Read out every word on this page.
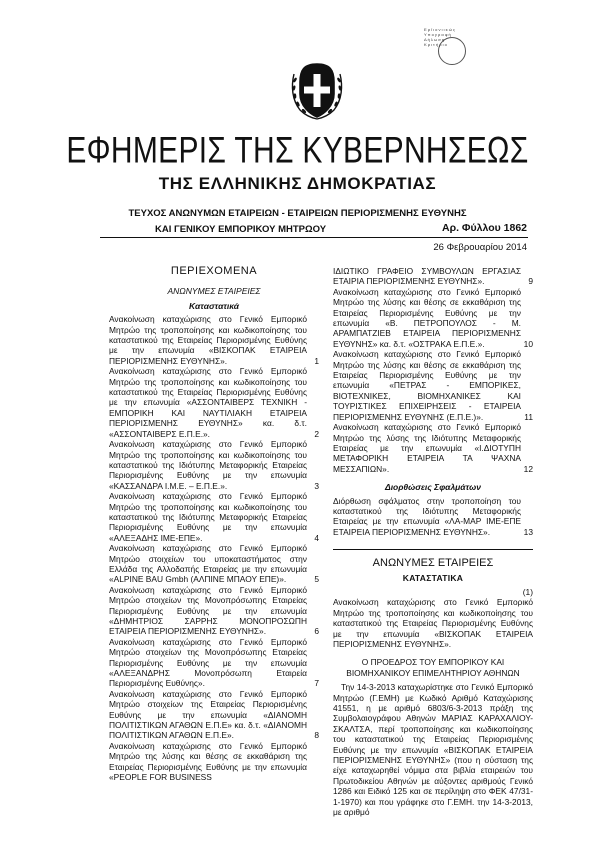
Ε ρ ϊ ι ο ν ι ι κ ώ ς
Υ π ο γ ρ α φ ή
Δ ή λ ω σ η
Κ ρ ι τ ή ρ ι ο
ΕΦΗΜΕΡΙΣ ΤΗΣ ΚΥΒΕΡΝΗΣΕΩΣ
ΤΗΣ ΕΛΛΗΝΙΚΗΣ ΔΗΜΟΚΡΑΤΙΑΣ
ΤΕΥΧΟΣ ΑΝΩΝΥΜΩΝ ΕΤΑΙΡΕΙΩΝ - ΕΤΑΙΡΕΙΩΝ ΠΕΡΙΟΡΙΣΜΕΝΗΣ ΕΥΘΥΝΗΣ
ΚΑΙ ΓΕΝΙΚΟΥ ΕΜΠΟΡΙΚΟΥ ΜΗΤΡΩΟΥ	Αρ. Φύλλου 1862
26 Φεβρουαρίου 2014
ΠΕΡΙΕΧΟΜΕΝΑ
ΑΝΩΝΥΜΕΣ ΕΤΑΙΡΕΙΕΣ
Καταστατικά
Ανακοίνωση καταχώρισης στο Γενικό Εμπορικό Μητρώο της τροποποίησης και κωδικοποίησης του καταστατικού της Εταιρείας Περιορισμένης Ευθύνης με την επωνυμία «ΒΙΣΚΟΠΑΚ ΕΤΑΙΡΕΙΑ ΠΕΡΙΟΡΙΣΜΕΝΗΣ ΕΥΘΥΝΗΣ».	1
Ανακοίνωση καταχώρισης στο Γενικό Εμπορικό Μητρώο της τροποποίησης και κωδικοποίησης του καταστατικού της Εταιρείας Περιορισμένης Ευθύνης με την επωνυμία «ΑΣΣΟΝΤΑΙΒΕΡΣ ΤΕΧΝΙΚΗ - ΕΜΠΟΡΙΚΗ ΚΑΙ ΝΑΥΤΙΛΙΑΚΗ ΕΤΑΙΡΕΙΑ ΠΕΡΙΟΡΙΣΜΕΝΗΣ ΕΥΘΥΝΗΣ» κα. δ.τ. «ΑΣΣΟΝΤΑΙΒΕΡΣ Ε.Π.Ε.».	2
Ανακοίνωση καταχώρισης στο Γενικό Εμπορικό Μητρώο της τροποποίησης και κωδικοποίησης του καταστατικού της Ιδιότυπης Μεταφορικής Εταιρείας Περιορισμένης Ευθύνης με την επωνυμία «ΚΑΣΣΑΝΔΡΑ Ι.Μ.Ε. – Ε.Π.Ε.».	3
Ανακοίνωση καταχώρισης στο Γενικό Εμπορικό Μητρώο της τροποποίησης και κωδικοποίησης του καταστατικού της Ιδιότυπης Μεταφορικής Εταιρείας Περιορισμένης Ευθύνης με την επωνυμία «ΑΛΕΞΑΔΗΣ ΙΜΕ-ΕΠΕ».	4
Ανακοίνωση καταχώρισης στο Γενικό Εμπορικό Μητρώο στοιχείων του υποκαταστήματος στην Ελλάδα της Αλλοδαπής Εταιρείας με την επωνυμία «ALPINE BAU Gmbh (ΑΛΠΙΝΕ ΜΠΑΟΥ ΕΠΕ)».	5
Ανακοίνωση καταχώρισης στο Γενικό Εμπορικό Μητρώο στοιχείων της Μονοπρόσωπης Εταιρείας Περιορισμένης Ευθύνης με την επωνυμία «ΔΗΜΗΤΡΙΟΣ ΣΑΡΡΗΣ ΜΟΝΟΠΡΟΣΩΠΗ ΕΤΑΙΡΕΙΑ ΠΕΡΙΟΡΙΣΜΕΝΗΣ ΕΥΘΥΝΗΣ».	6
Ανακοίνωση καταχώρισης στο Γενικό Εμπορικό Μητρώο στοιχείων της Μονοπρόσωπης Εταιρείας Περιορισμένης Ευθύνης με την επωνυμία «ΑΛΕΞΑΝΔΡΗΣ Μονοπρόσωπη Εταιρεία Περιορισμένης Ευθύνης».	7
Ανακοίνωση καταχώρισης στο Γενικό Εμπορικό Μητρώο στοιχείων της Εταιρείας Περιορισμένης Ευθύνης με την επωνυμία «ΔΙΑΝΟΜΗ ΠΟΛΙΤΙΣΤΙΚΩΝ ΑΓΑΘΩΝ Ε.Π.Ε» κα. δ.τ. «ΔΙΑΝΟΜΗ ΠΟΛΙΤΙΣΤΙΚΩΝ ΑΓΑΘΩΝ Ε.Π.Ε».	8
Ανακοίνωση καταχώρισης στο Γενικό Εμπορικό Μητρώο της λύσης και θέσης σε εκκαθάριση της Εταιρείας Περιορισμένης Ευθύνης με την επωνυμία «PEOPLE FOR BUSINESS
ΙΔΙΩΤΙΚΟ ΓΡΑΦΕΙΟ ΣΥΜΒΟΥΛΩΝ ΕΡΓΑΣΙΑΣ ΕΤΑΙΡΙΑ ΠΕΡΙΟΡΙΣΜΕΝΗΣ ΕΥΘΥΝΗΣ».	9
Ανακοίνωση καταχώρισης στο Γενικό Εμπορικό Μητρώο της λύσης και θέσης σε εκκαθάριση της Εταιρείας Περιορισμένης Ευθύνης με την επωνυμία «Β. ΠΕΤΡΟΠΟΥΛΟΣ - Μ. ΑΡΑΜΠΑΤΖΙΕΒ ΕΤΑΙΡΕΙΑ ΠΕΡΙΟΡΙΣΜΕΝΗΣ ΕΥΘΥΝΗΣ» κα. δ.τ. «ΟΣΤΡΑΚΑ Ε.Π.Ε.».	10
Ανακοίνωση καταχώρισης στο Γενικό Εμπορικό Μητρώο της λύσης και θέσης σε εκκαθάριση της Εταιρείας Περιορισμένης Ευθύνης με την επωνυμία «ΠΕΤΡΑΣ - ΕΜΠΟΡΙΚΕΣ, ΒΙΟΤΕΧΝΙΚΕΣ, ΒΙΟΜΗΧΑΝΙΚΕΣ ΚΑΙ ΤΟΥΡΙΣΤΙΚΕΣ ΕΠΙΧΕΙΡΗΣΕΙΣ - ΕΤΑΙΡΕΙΑ ΠΕΡΙΟΡΙΣΜΕΝΗΣ ΕΥΘΥΝΗΣ (Ε.Π.Ε.)».	11
Ανακοίνωση καταχώρισης στο Γενικό Εμπορικό Μητρώο της λύσης της Ιδιότυπης Μεταφορικής Εταιρείας με την επωνυμία «Ι.ΔΙΟΤΥΠΗ ΜΕΤΑΦΟΡΙΚΗ ΕΤΑΙΡΕΙΑ ΤΑ ΨΑΧΝΑ ΜΕΣΣΑΠΙΩΝ».	12
Διορθώσεις Σφαλμάτων
Διόρθωση σφάλματος στην τροποποίηση του καταστατικού της Ιδιότυπης Μεταφορικής Εταιρείας με την επωνυμία «ΛΑ-ΜΑΡ ΙΜΕ-ΕΠΕ ΕΤΑΙΡΕΙΑ ΠΕΡΙΟΡΙΣΜΕΝΗΣ ΕΥΘΥΝΗΣ».	13
ΑΝΩΝΥΜΕΣ ΕΤΑΙΡΕΙΕΣ
ΚΑΤΑΣΤΑΤΙΚΑ
(1)
Ανακοίνωση καταχώρισης στο Γενικό Εμπορικό Μητρώο της τροποποίησης και κωδικοποίησης του καταστατικού της Εταιρείας Περιορισμένης Ευθύνης με την επωνυμία «ΒΙΣΚΟΠΑΚ ΕΤΑΙΡΕΙΑ ΠΕΡΙΟΡΙΣΜΕΝΗΣ ΕΥΘΥΝΗΣ».
Ο ΠΡΟΕΔΡΟΣ ΤΟΥ ΕΜΠΟΡΙΚΟΥ ΚΑΙ
ΒΙΟΜΗΧΑΝΙΚΟΥ ΕΠΙΜΕΛΗΤΗΡΙΟΥ ΑΘΗΝΩΝ
Την 14-3-2013 καταχωρίστηκε στο Γενικό Εμπορικό Μητρώο (Γ.ΕΜΗ) με Κωδικό Αριθμό Καταχώρισης 41551, η με αριθμό 6803/6-3-2013 πράξη της Συμβολαιογράφου Αθηνών ΜΑΡΙΑΣ ΚΑΡΑΧΑΛΙΟΥ-ΣΚΑΛΤΣΑ, περί τροποποίησης και κωδικοποίησης του καταστατικού της Εταιρείας Περιορισμένης Ευθύνης με την επωνυμία «ΒΙΣΚΟΠΑΚ ΕΤΑΙΡΕΙΑ ΠΕΡΙΟΡΙΣΜΕΝΗΣ ΕΥΘΥΝΗΣ» (που η σύσταση της είχε καταχωρηθεί νόμιμα στα βιβλία εταιρειών του Πρωτοδικείου Αθηνών με αύξοντες αριθμούς Γενικό 1286 και Ειδικό 125 και σε περίληψη στο ΦΕΚ 47/31-1-1970) και που γράφηκε στο Γ.ΕΜΗ. την 14-3-2013, με αριθμό
